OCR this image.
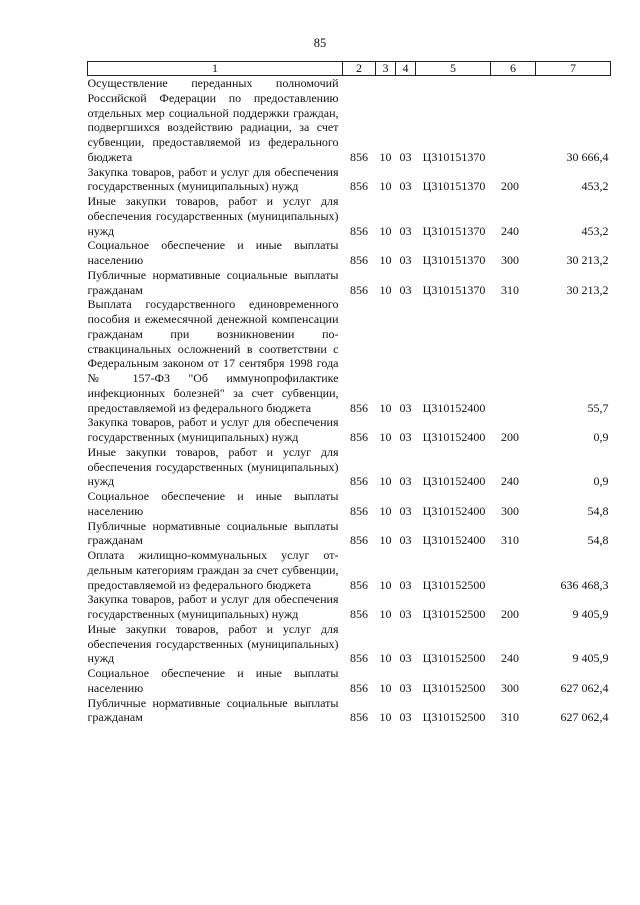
85
1	2	3	4	5	6	7
Осуществление переданных полномочий Российской Федерации по предоставлению отдельных мер социальной поддержки граждан, подвергшихся воздействию радиации, за счет субвенции, предоставляемой из федерального бюджета	856	10	03	Ц310151370		30 666,4
Закупка товаров, работ и услуг для обеспечения государственных (муниципальных) нужд	856	10	03	Ц310151370	200	453,2
Иные закупки товаров, работ и услуг для обеспечения государственных (муниципальных) нужд	856	10	03	Ц310151370	240	453,2
Социальное обеспечение и иные выплаты населению	856	10	03	Ц310151370	300	30 213,2
Публичные нормативные социальные выплаты гражданам	856	10	03	Ц310151370	310	30 213,2
Выплата государственного единовременного пособия и ежемесячной денежной компенсации гражданам при возникновении поствакцинальных осложнений в соответствии с Федеральным законом от 17 сентября 1998 года № 157-ФЗ "Об иммунопрофилактике инфекционных болезней" за счет субвенции, предоставляемой из федерального бюджета	856	10	03	Ц310152400		55,7
Закупка товаров, работ и услуг для обеспечения государственных (муниципальных) нужд	856	10	03	Ц310152400	200	0,9
Иные закупки товаров, работ и услуг для обеспечения государственных (муниципальных) нужд	856	10	03	Ц310152400	240	0,9
Социальное обеспечение и иные выплаты населению	856	10	03	Ц310152400	300	54,8
Публичные нормативные социальные выплаты гражданам	856	10	03	Ц310152400	310	54,8
Оплата жилищно-коммунальных услуг отдельным категориям граждан за счет субвенции, предоставляемой из федерального бюджета	856	10	03	Ц310152500		636 468,3
Закупка товаров, работ и услуг для обеспечения государственных (муниципальных) нужд	856	10	03	Ц310152500	200	9 405,9
Иные закупки товаров, работ и услуг для обеспечения государственных (муниципальных) нужд	856	10	03	Ц310152500	240	9 405,9
Социальное обеспечение и иные выплаты населению	856	10	03	Ц310152500	300	627 062,4
Публичные нормативные социальные выплаты гражданам	856	10	03	Ц310152500	310	627 062,4
